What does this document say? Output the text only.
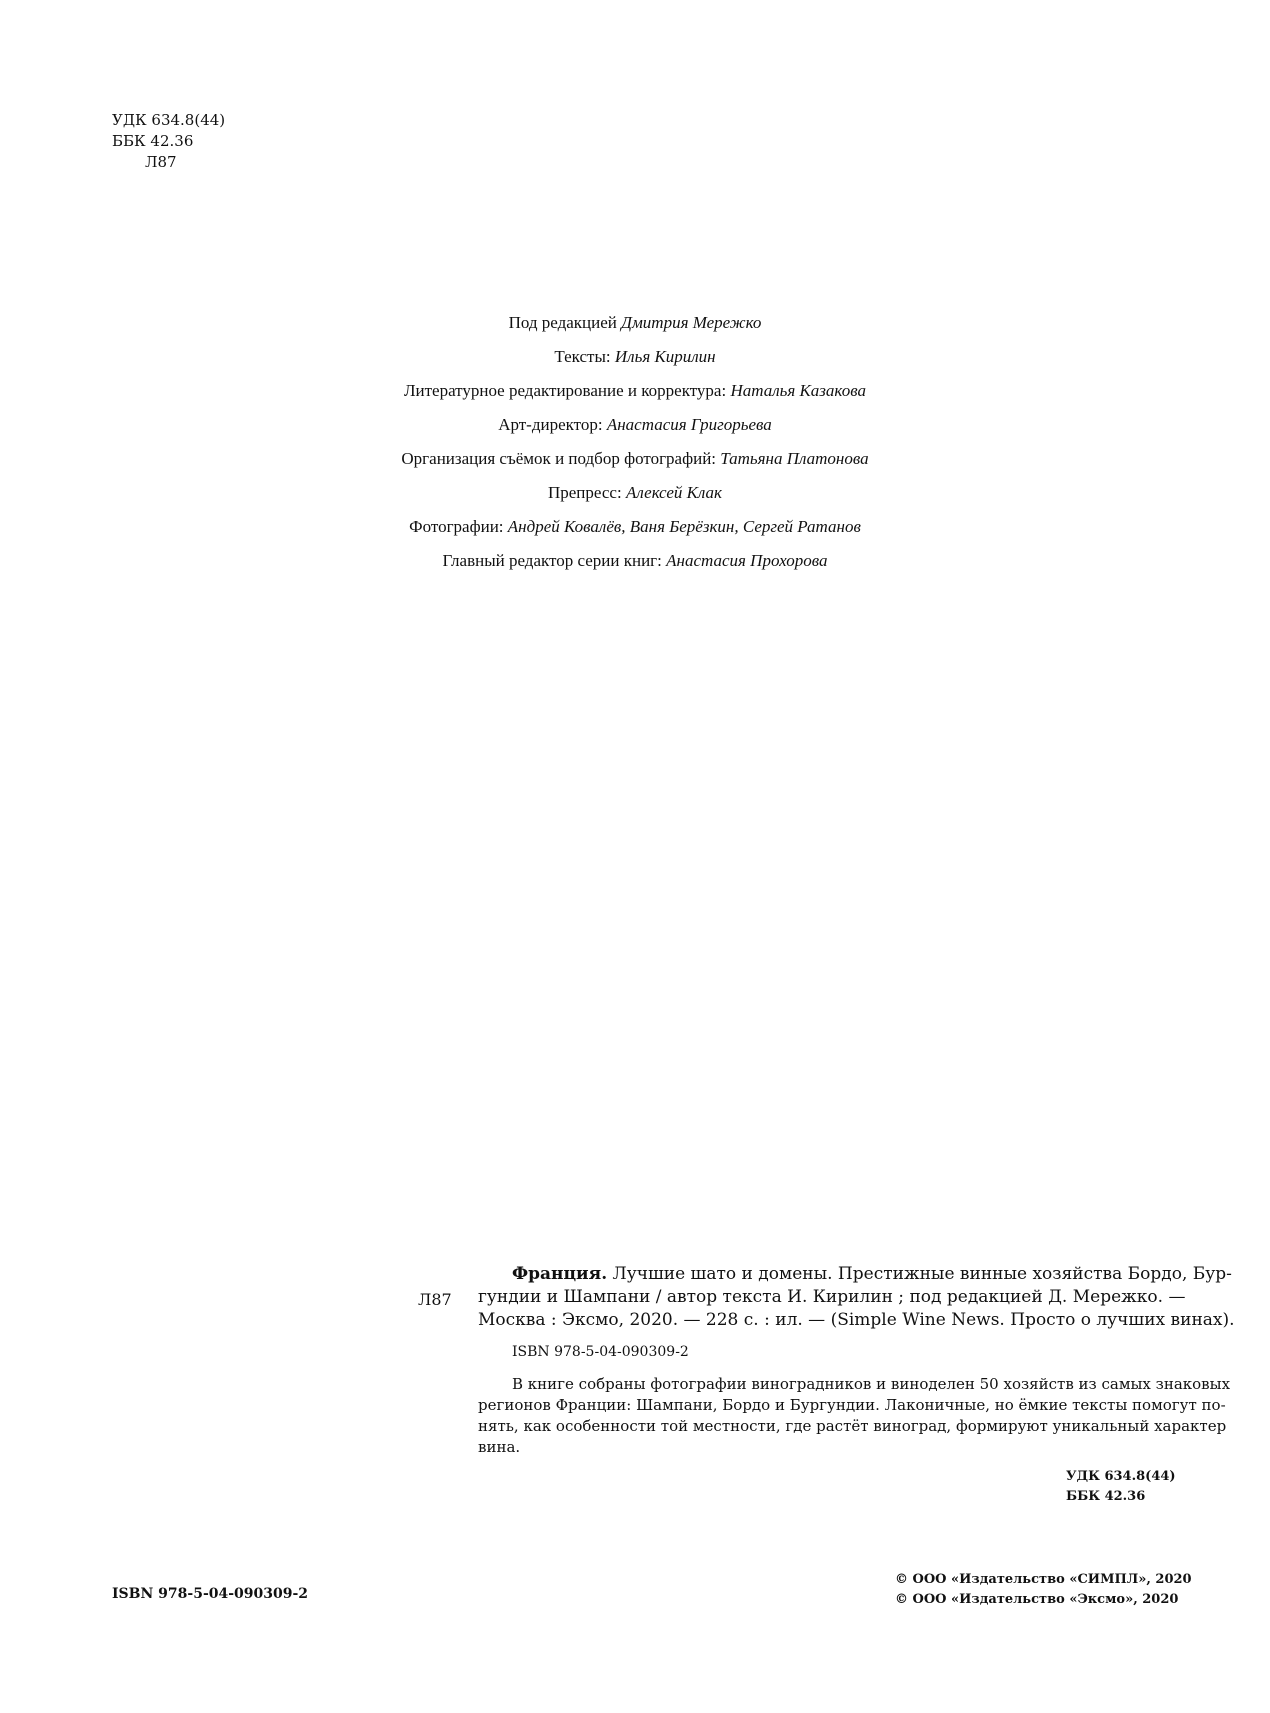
УДК 634.8(44)
ББК 42.36
Л87
Под редакцией Дмитрия Мережко
Тексты: Илья Кирилин
Литературное редактирование и корректура: Наталья Казакова
Арт-директор: Анастасия Григорьева
Организация съёмок и подбор фотографий: Татьяна Платонова
Препресс: Алексей Клак
Фотографии: Андрей Ковалёв, Ваня Берёзкин, Сергей Ратанов
Главный редактор серии книг: Анастасия Прохорова
Л87
Франция. Лучшие шато и домены. Престижные винные хозяйства Бордо, Бур-
гундии и Шампани / автор текста И. Кирилин ; под редакцией Д. Мережко. —
Москва : Эксмо, 2020. — 228 с. : ил. — (Simple Wine News. Просто о лучших винах).
ISBN 978-5-04-090309-2
В книге собраны фотографии виноградников и виноделен 50 хозяйств из самых знаковых
регионов Франции: Шампани, Бордо и Бургундии. Лаконичные, но ёмкие тексты помогут по-
нять, как особенности той местности, где растёт виноград, формируют уникальный характер
вина.
УДК 634.8(44)
ББК 42.36
ISBN 978-5-04-090309-2
© ООО «Издательство «СИМПЛ», 2020
© ООО «Издательство «Эксмо», 2020
